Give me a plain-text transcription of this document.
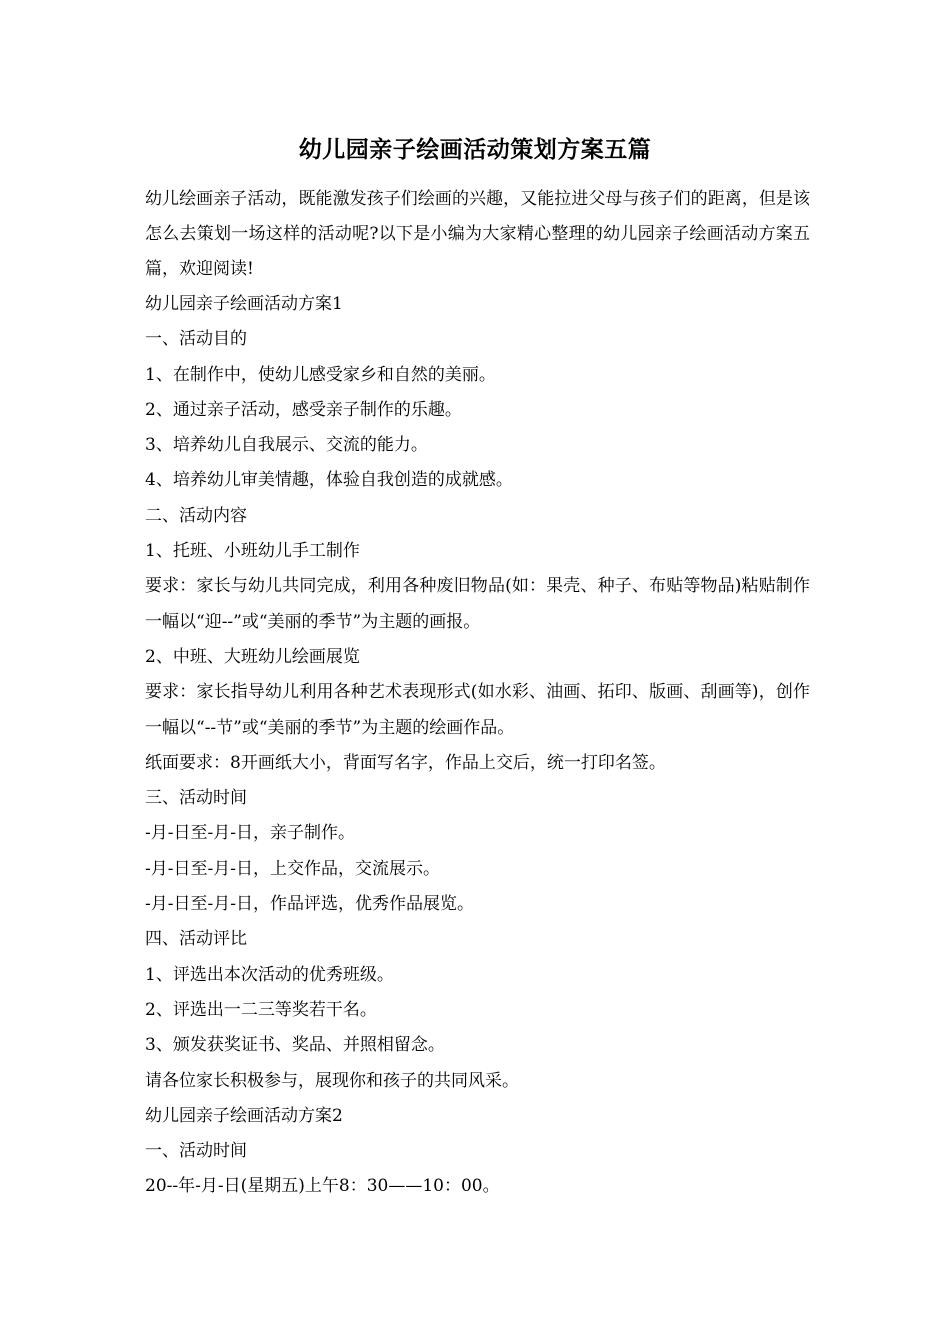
幼儿园亲子绘画活动策划方案五篇

幼儿绘画亲子活动，既能激发孩子们绘画的兴趣，又能拉进父母与孩子们的距离，但是该怎么去策划一场这样的活动呢?以下是小编为大家精心整理的幼儿园亲子绘画活动方案五篇，欢迎阅读!

幼儿园亲子绘画活动方案1
一、活动目的
1、在制作中，使幼儿感受家乡和自然的美丽。
2、通过亲子活动，感受亲子制作的乐趣。
3、培养幼儿自我展示、交流的能力。
4、培养幼儿审美情趣，体验自我创造的成就感。
二、活动内容
1、托班、小班幼儿手工制作
要求：家长与幼儿共同完成，利用各种废旧物品(如：果壳、种子、布贴等物品)粘贴制作一幅以“迎--”或“美丽的季节”为主题的画报。
2、中班、大班幼儿绘画展览
要求：家长指导幼儿利用各种艺术表现形式(如水彩、油画、拓印、版画、刮画等)，创作一幅以“--节”或“美丽的季节”为主题的绘画作品。
纸面要求：8开画纸大小，背面写名字，作品上交后，统一打印名签。
三、活动时间
-月-日至-月-日，亲子制作。
-月-日至-月-日，上交作品，交流展示。
-月-日至-月-日，作品评选，优秀作品展览。
四、活动评比
1、评选出本次活动的优秀班级。
2、评选出一二三等奖若干名。
3、颁发获奖证书、奖品、并照相留念。
请各位家长积极参与，展现你和孩子的共同风采。
幼儿园亲子绘画活动方案2
一、活动时间
20--年-月-日(星期五)上午8：30——10：00。
